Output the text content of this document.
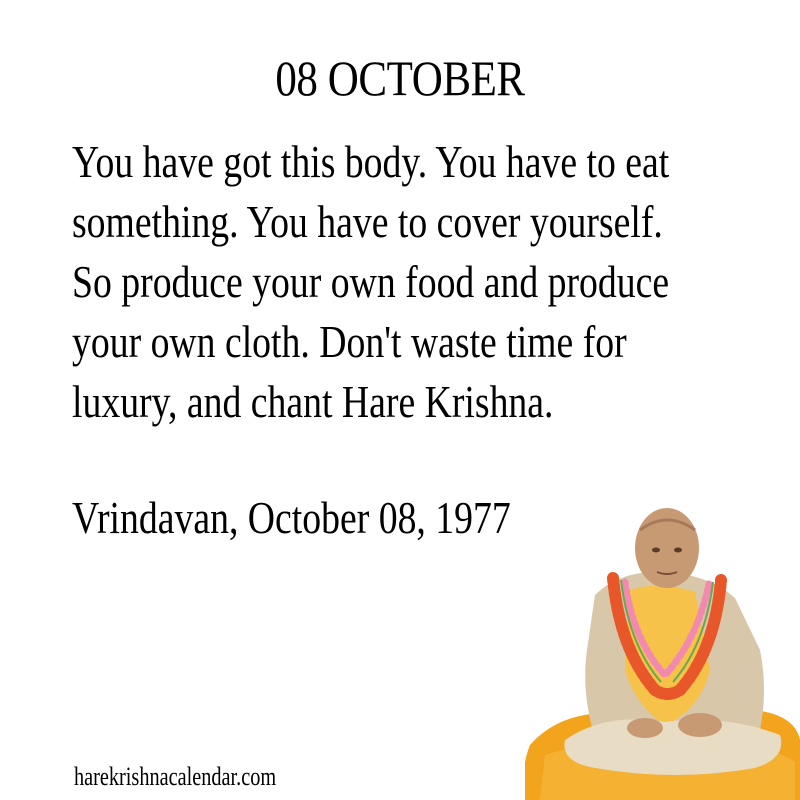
08 OCTOBER
You have got this body. You have to eat
something. You have to cover yourself.
So produce your own food and produce
your own cloth. Don't waste time for
luxury, and chant Hare Krishna.
Vrindavan, October 08, 1977
harekrishnacalendar.com
